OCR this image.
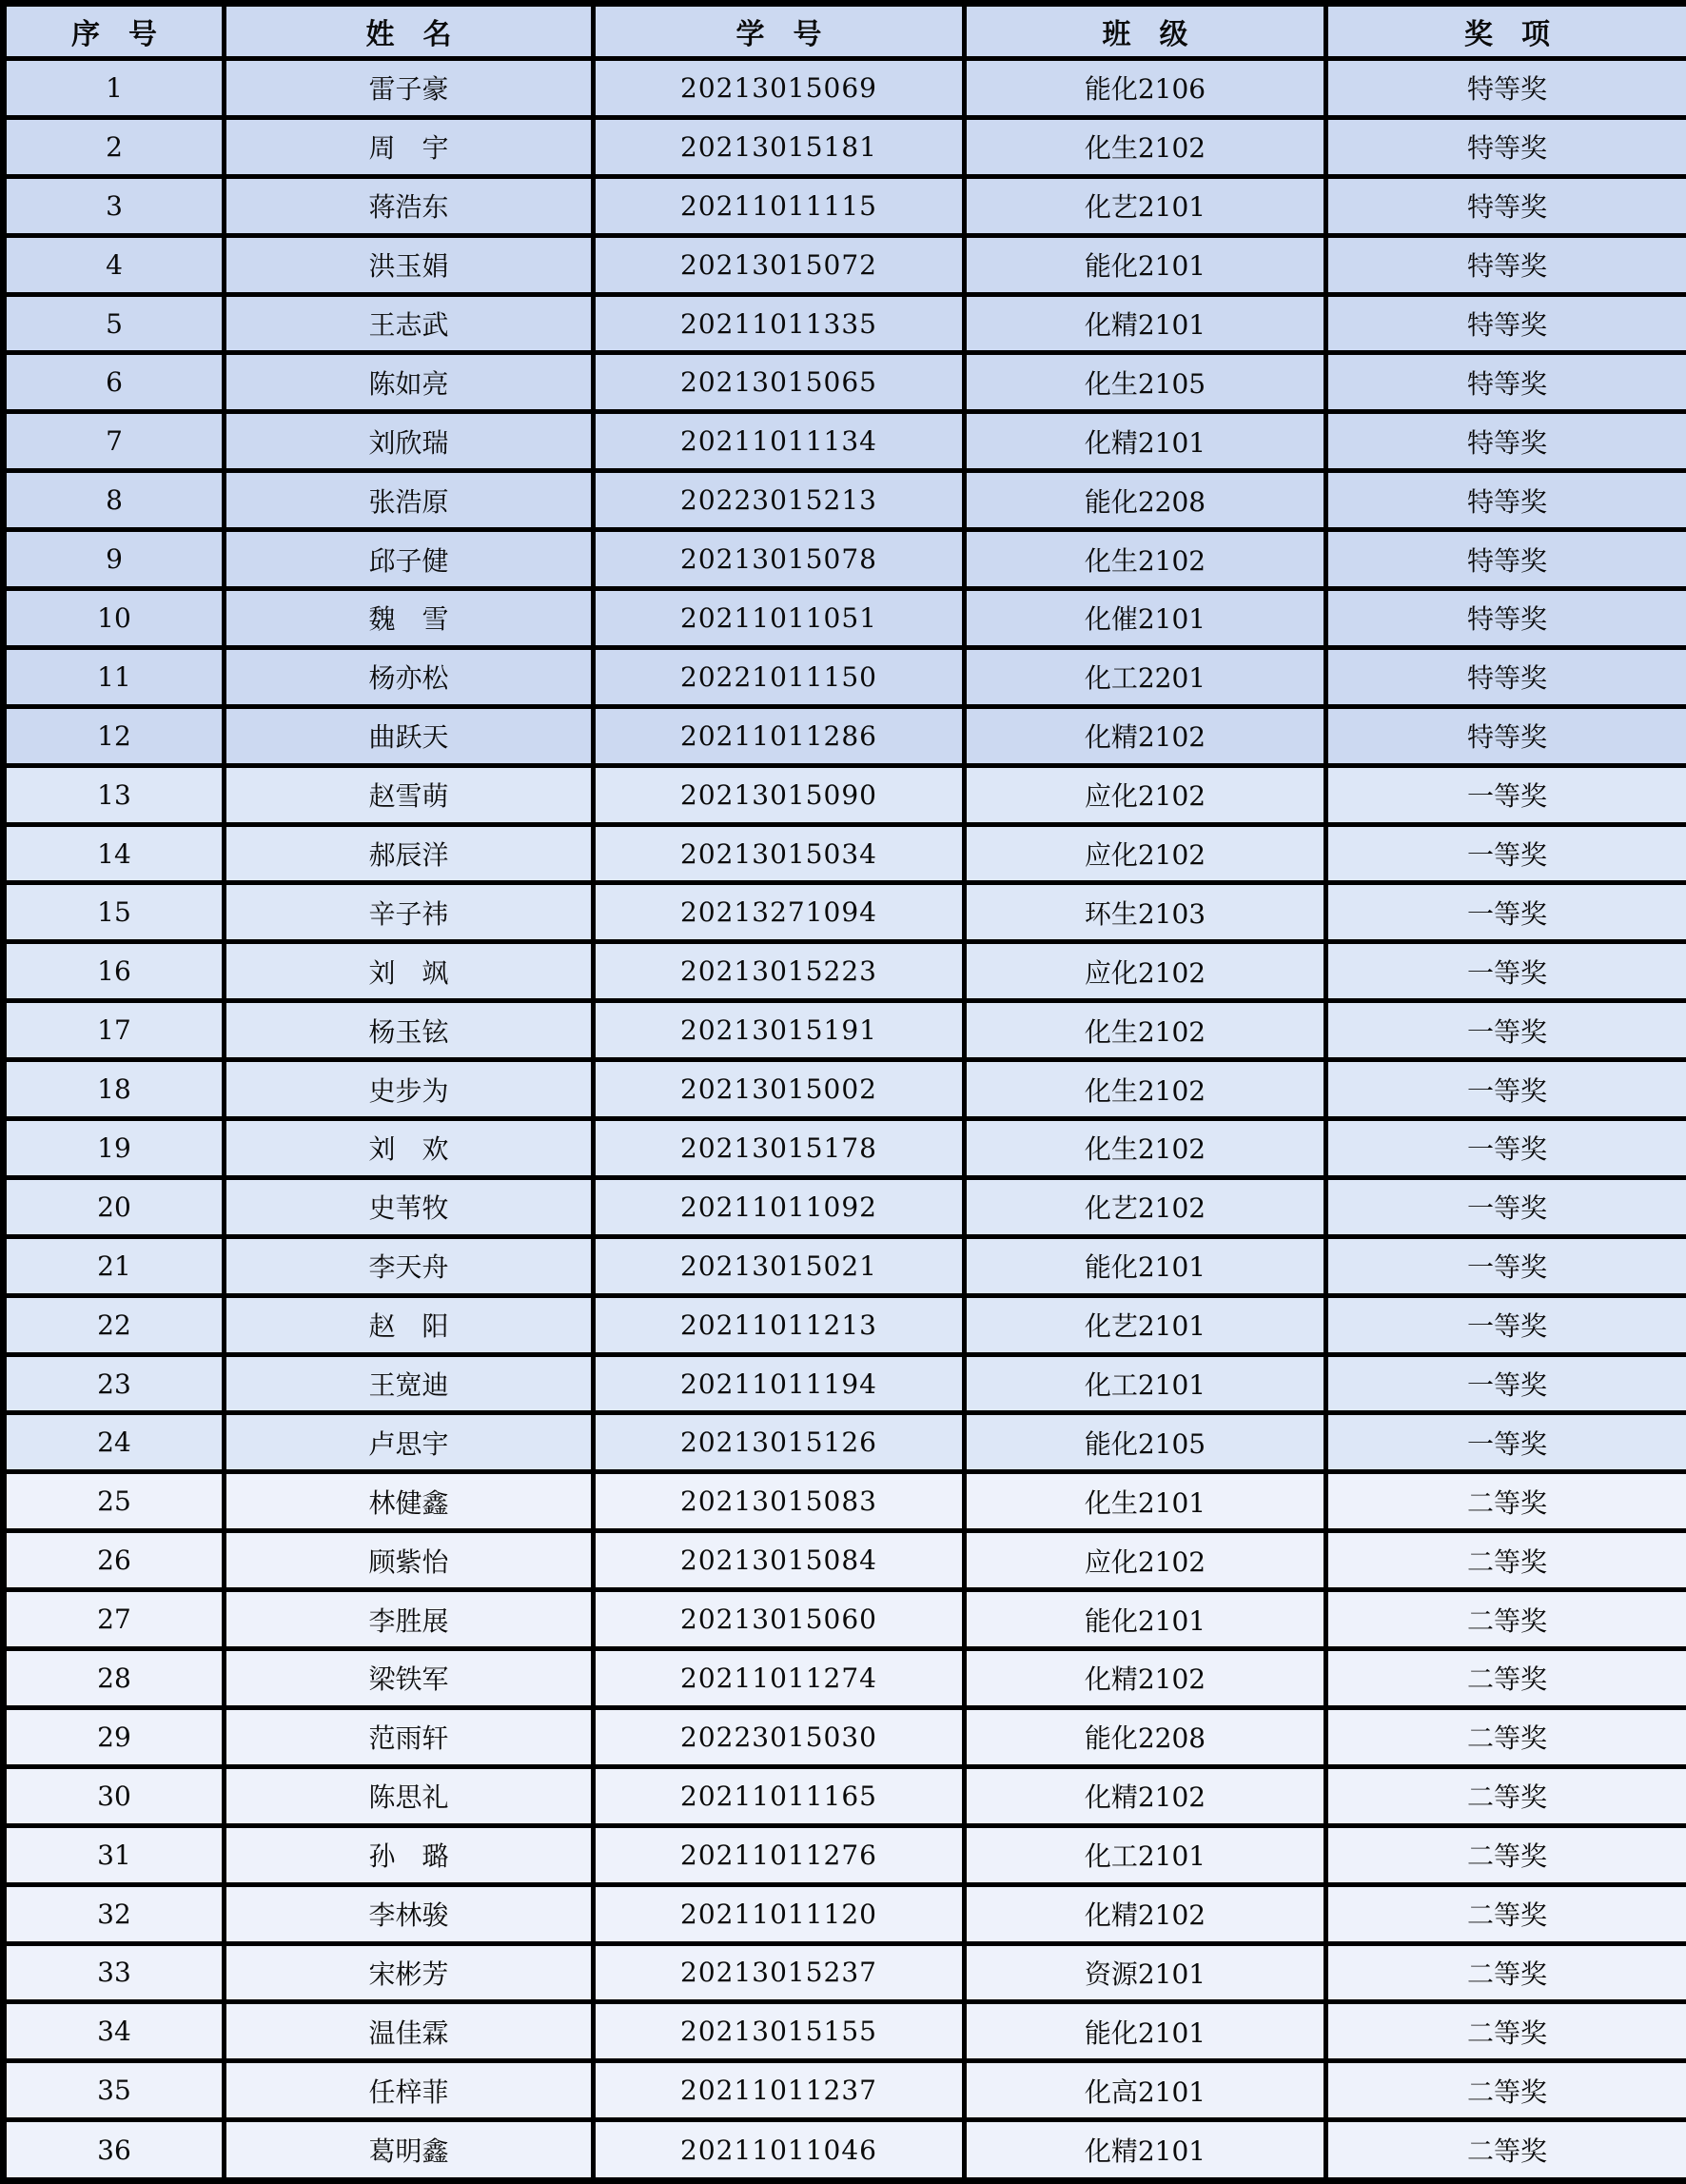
序　号	姓　名	学　号	班　级	奖　项
1	雷子豪	20213015069	能化2106	特等奖
2	周　宇	20213015181	化生2102	特等奖
3	蒋浩东	20211011115	化艺2101	特等奖
4	洪玉娟	20213015072	能化2101	特等奖
5	王志武	20211011335	化精2101	特等奖
6	陈如亮	20213015065	化生2105	特等奖
7	刘欣瑞	20211011134	化精2101	特等奖
8	张浩原	20223015213	能化2208	特等奖
9	邱子健	20213015078	化生2102	特等奖
10	魏　雪	20211011051	化催2101	特等奖
11	杨亦松	20221011150	化工2201	特等奖
12	曲跃天	20211011286	化精2102	特等奖
13	赵雪萌	20213015090	应化2102	一等奖
14	郝辰洋	20213015034	应化2102	一等奖
15	辛子祎	20213271094	环生2103	一等奖
16	刘　飒	20213015223	应化2102	一等奖
17	杨玉铉	20213015191	化生2102	一等奖
18	史步为	20213015002	化生2102	一等奖
19	刘　欢	20213015178	化生2102	一等奖
20	史苇牧	20211011092	化艺2102	一等奖
21	李天舟	20213015021	能化2101	一等奖
22	赵　阳	20211011213	化艺2101	一等奖
23	王宽迪	20211011194	化工2101	一等奖
24	卢思宇	20213015126	能化2105	一等奖
25	林健鑫	20213015083	化生2101	二等奖
26	顾紫怡	20213015084	应化2102	二等奖
27	李胜展	20213015060	能化2101	二等奖
28	梁铁军	20211011274	化精2102	二等奖
29	范雨轩	20223015030	能化2208	二等奖
30	陈思礼	20211011165	化精2102	二等奖
31	孙　璐	20211011276	化工2101	二等奖
32	李林骏	20211011120	化精2102	二等奖
33	宋彬芳	20213015237	资源2101	二等奖
34	温佳霖	20213015155	能化2101	二等奖
35	任梓菲	20211011237	化高2101	二等奖
36	葛明鑫	20211011046	化精2101	二等奖
